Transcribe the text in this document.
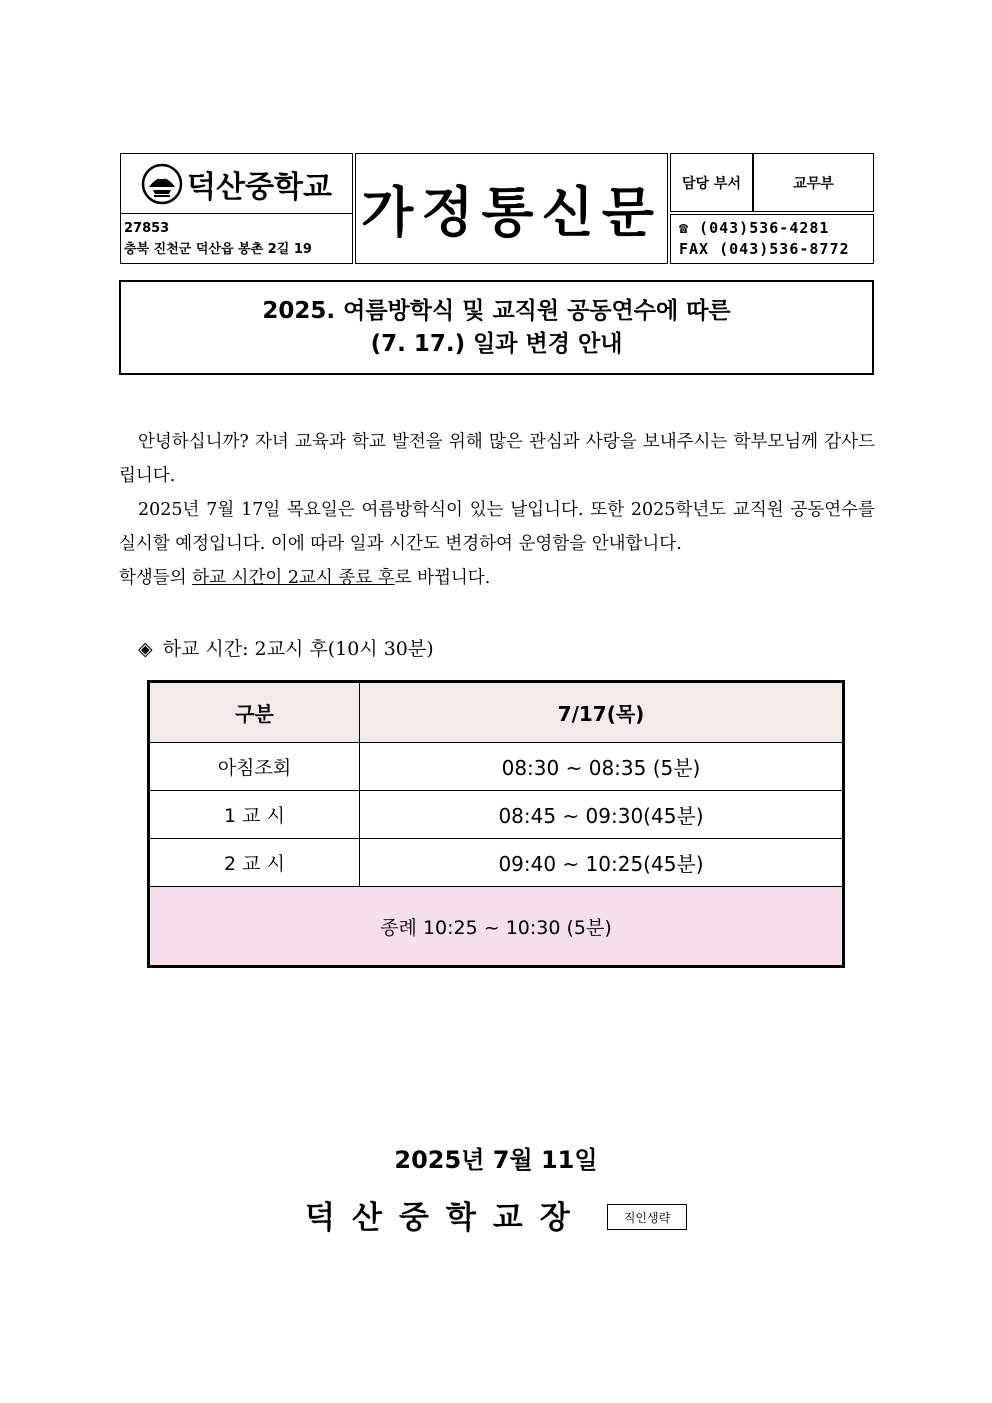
덕산중학교
27853
충북 진천군 덕산읍 봉촌 2길 19
가정통신문 담당 부서	교무부
☎ (043)536-4281
FAX (043)536-8772
2025. 여름방학식 및 교직원 공동연수에 따른
(7. 17.) 일과 변경 안내

안녕하십니까? 자녀 교육과 학교 발전을 위해 많은 관심과 사랑을 보내주시는 학부모님께 감사드립니다.

2025년 7월 17일 목요일은 여름방학식이 있는 날입니다. 또한 2025학년도 교직원 공동연수를 실시할 예정입니다. 이에 따라 일과 시간도 변경하여 운영함을 안내합니다.

학생들의 하교 시간이 2교시 종료 후로 바뀝니다.

◈ 하교 시간: 2교시 후(10시 30분)
구분	7/17(목)
아침조회	08:30 ~ 08:35 (5분)
1 교 시	08:45 ~ 09:30(45분)
2 교 시	09:40 ~ 10:25(45분)
종례 10:25 ~ 10:30 (5분)	
2025년 7월 11일
덕산중학교장	직인생략
